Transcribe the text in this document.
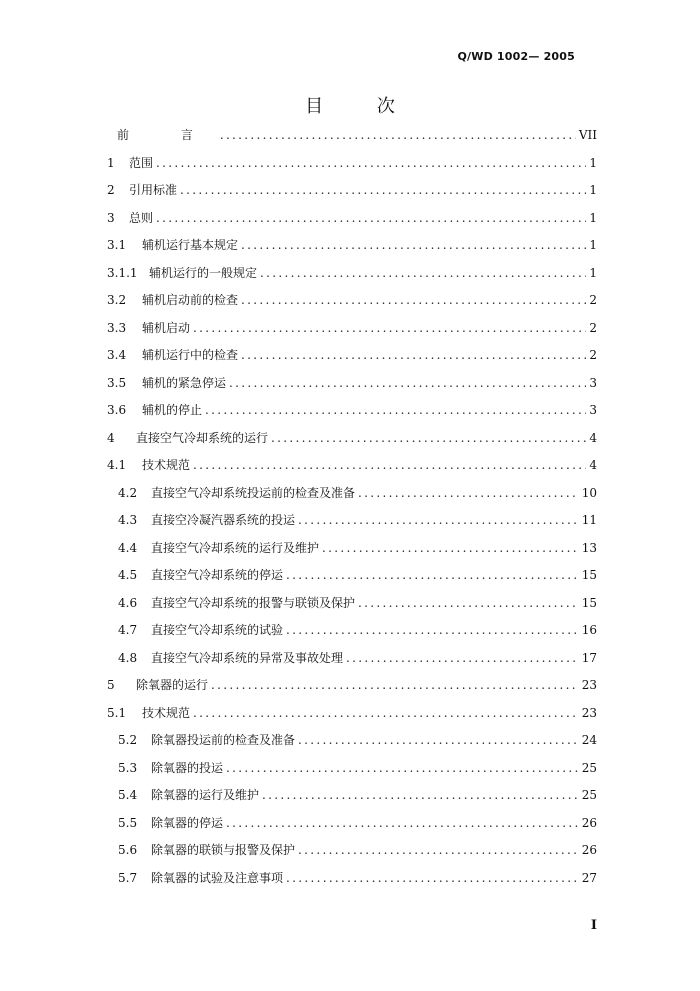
Q/WD 1002— 2005
目 次
前 言 .....	VII
1	范围 .....	1
2	引用标准 .....	1
3	总则 .....	1
3.1	辅机运行基本规定 .....	1
3.1.1 辅机运行的一般规定 .....	1
3.2	辅机启动前的检查 .....	2
3.3	辅机启动 .....	2
3.4	辅机运行中的检查 .....	2
3.5	辅机的紧急停运 .....	3
3.6	辅机的停止 .....	3
4	直接空气冷却系统的运行 .....	4
4.1	技术规范 .....	4
4.2	直接空气冷却系统投运前的检查及准备 .....	10
4.3	直接空冷凝汽器系统的投运 .....	11
4.4	直接空气冷却系统的运行及维护 .....	13
4.5	直接空气冷却系统的停运 .....	15
4.6	直接空气冷却系统的报警与联锁及保护 .....	15
4.7	直接空气冷却系统的试验 .....	16
4.8	直接空气冷却系统的异常及事故处理 .....	17
5	除氧器的运行 .....	23
5.1	技术规范 .....	23
5.2	除氧器投运前的检查及准备 .....	24
5.3	除氧器的投运 .....	25
5.4	除氧器的运行及维护 .....	25
5.5	除氧器的停运 .....	26
5.6	除氧器的联锁与报警及保护 .....	26
5.7	除氧器的试验及注意事项 .....	27
I
